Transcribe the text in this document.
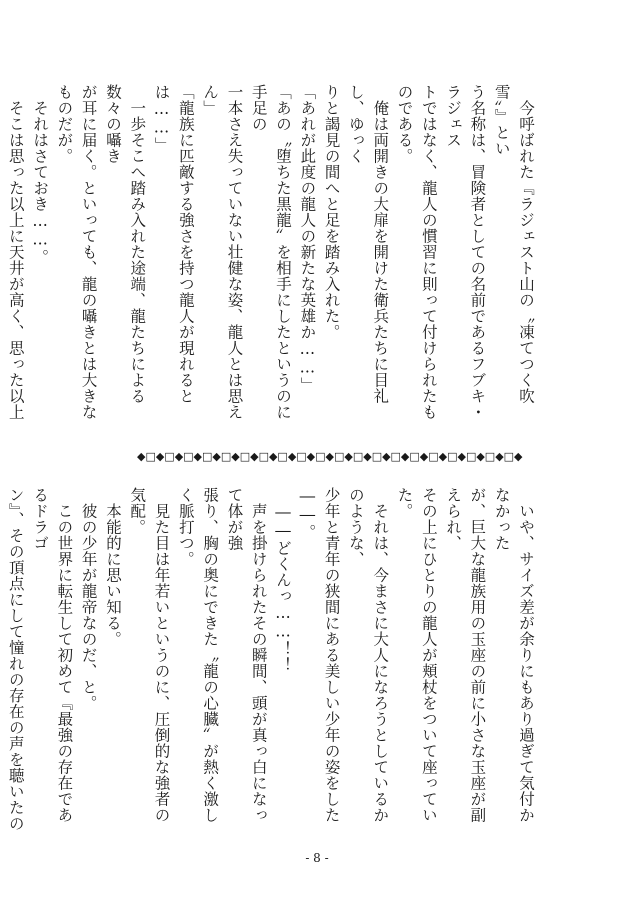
　今呼ばれた『ラジェスト山の〝凍てつく吹雪〟』とい

う名称は、冒険者としての名前であるフブキ・ラジェス

トではなく、龍人の慣習に則って付けられたものである。

　俺は両開きの大扉を開けた衛兵たちに目礼し、ゆっく

りと謁見の間へと足を踏み入れた。

「あれが此度の龍人の新たな英雄か……」

「あの〝堕ちた黒龍〟を相手にしたというのに手足の

一本さえ失っていない壮健な姿、龍人とは思えん」

「龍族に匹敵する強さを持つ龍人が現れるとは……」

　一歩そこへ踏み入れた途端、龍たちによる数々の囁き

が耳に届く。といっても、龍の囁きとは大きなものだが。

　それはさておき……。

　そこは思った以上に天井が高く、思った以上

◆□◆□◆□◆□◆□◆□◆□◆□◆□◆□◆□◆□◆□◆□◆□◆□◆□◆□◆□◆□◆

　いや、サイズ差が余りにもあり過ぎて気付かなかった

が、巨大な龍族用の玉座の前に小さな玉座が副えられ、

その上にひとりの龍人が頬杖をついて座っていた。

　それは、今まさに大人になろうとしているかのような、

少年と青年の狭間にある美しい少年の姿をした――。

　――どくんっ……！！

　声を掛けられたその瞬間、頭が真っ白になって体が強

張り、胸の奥にできた〝龍の心臓〟が熱く激しく脈打つ。

　見た目は年若いというのに、圧倒的な強者の気配。

　本能的に思い知る。

　彼の少年が龍帝なのだ、と。

　この世界に転生して初めて『最強の存在であるドラゴ

ン』、その頂点にして憧れの存在の声を聴いたの

- 8 -
